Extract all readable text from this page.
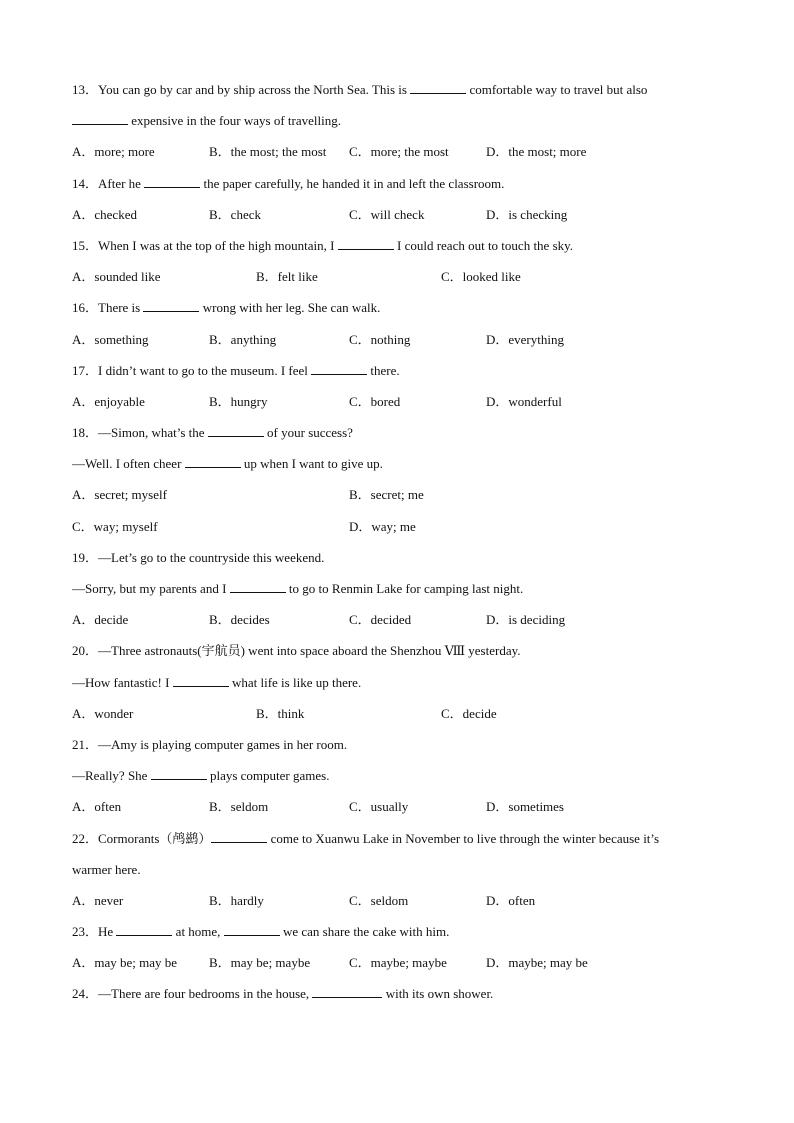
13．You can go by car and by ship across the North Sea. This is	comfortable way to travel but also
expensive in the four ways of travelling.
A．more; more	B．the most; the most C．more; the most	D．the most; more
14．After he	the paper carefully, he handed it in and left the classroom.
A．checked	B．check	C．will check	D．is checking
15．When I was at the top of the high mountain, I	I could reach out to touch the sky.
A．sounded like	B．felt like	C．looked like
16．There is	wrong with her leg. She can walk.
A．something	B．anything	C．nothing	D．everything
17．I didn’t want to go to the museum. I feel	there.
A．enjoyable	B．hungry	C．bored	D．wonderful
18．—Simon, what’s the	of your success?
—Well. I often cheer	up when I want to give up.
A．secret; myself	B．secret; me
C．way; myself	D．way; me
19．—Let’s go to the countryside this weekend.
—Sorry, but my parents and I	to go to Renmin Lake for camping last night.
A．decide	B．decides	C．decided	D．is deciding
20．—Three astronauts(宇航员) went into space aboard the Shenzhou Ⅷ yesterday.
—How fantastic! I	what life is like up there.
A．wonder	B．think	C．decide
21．—Amy is playing computer games in her room.
—Really? She	plays computer games.
A．often	B．seldom	C．usually	D．sometimes
22．Cormorants（鸬鹚）	come to Xuanwu Lake in November to live through the winter because it’s
warmer here.
A．never	B．hardly	C．seldom	D．often
23．He	at home,	we can share the cake with him.
A．may be; may be B．may be; maybe	C．maybe; maybe	D．maybe; may be
24．—There are four bedrooms in the house,	with its own shower.
